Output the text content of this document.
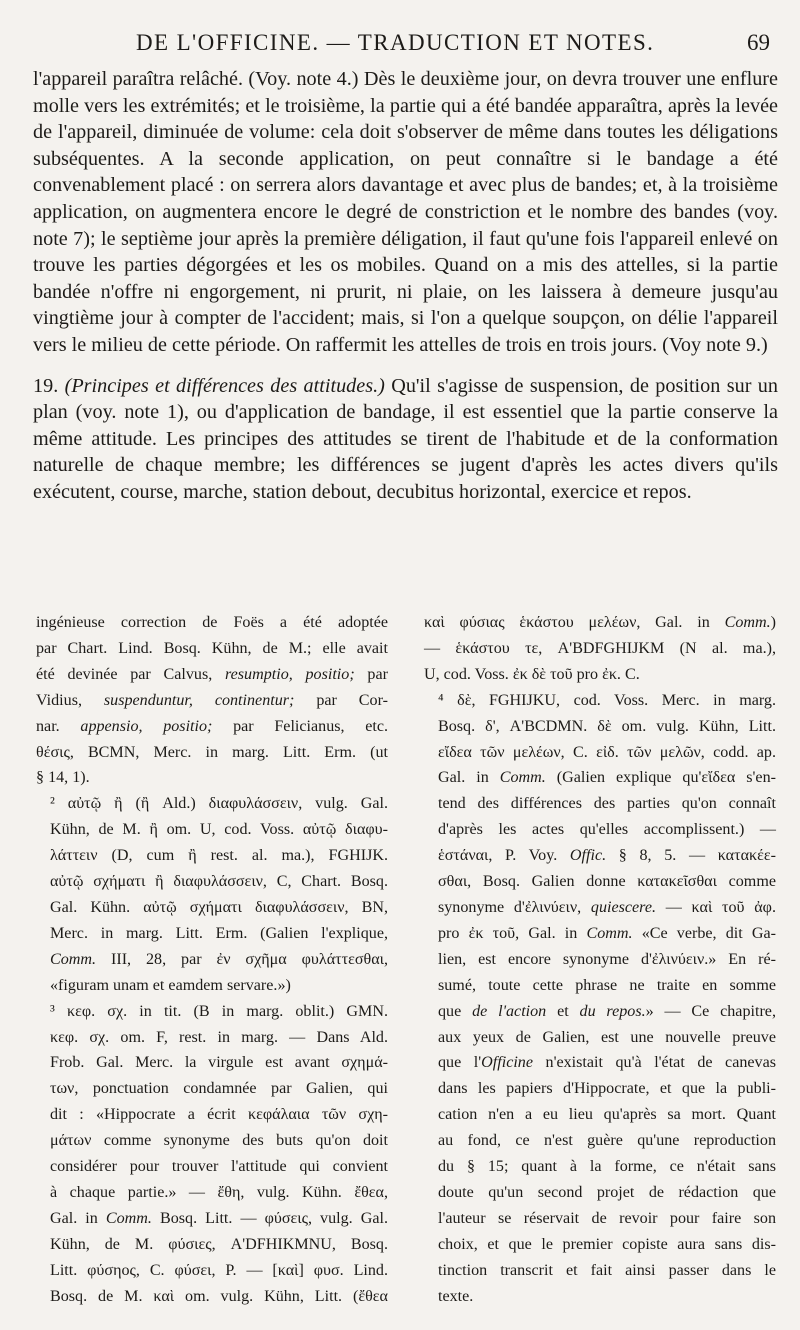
DE L'OFFICINE. — TRADUCTION ET NOTES.	69

l'appareil paraîtra relâché. (Voy. note 4.) Dès le deuxième jour, on devra trouver une enflure molle vers les extrémités; et le troisième, la partie qui a été bandée apparaîtra, après la levée de l'appareil, diminuée de volume: cela doit s'observer de même dans toutes les déligations subséquentes. A la seconde application, on peut connaître si le bandage a été convenablement placé : on serrera alors davantage et avec plus de bandes; et, à la troisième application, on augmentera encore le degré de constriction et le nombre des bandes (voy. note 7); le septième jour après la première déligation, il faut qu'une fois l'appareil enlevé on trouve les parties dégorgées et les os mobiles. Quand on a mis des attelles, si la partie bandée n'offre ni engorgement, ni prurit, ni plaie, on les laissera à demeure jusqu'au vingtième jour à compter de l'accident; mais, si l'on a quelque soupçon, on délie l'appareil vers le milieu de cette période. On raffermit les attelles de trois en trois jours. (Voy note 9.)

19. (Principes et différences des attitudes.) Qu'il s'agisse de suspension, de position sur un plan (voy. note 1), ou d'application de bandage, il est essentiel que la partie conserve la même attitude. Les principes des attitudes se tirent de l'habitude et de la conformation naturelle de chaque membre; les différences se jugent d'après les actes divers qu'ils exécutent, course, marche, station debout, decubitus horizontal, exercice et repos.

ingénieuse correction de Foës a été adoptée
par Chart. Lind. Bosq. Kühn, de M.; elle avait
été devinée par Calvus, resumptio, positio; par
Vidius, suspenduntur, continentur; par Cor-
nar. appensio, positio; par Felicianus, etc.
θέσις, BCMN, Merc. in marg. Litt. Erm. (ut
§ 14, 1).

² αὐτῷ ἢ (ἢ Ald.) διαφυλάσσειν, vulg. Gal.
Kühn, de M. ἢ om. U, cod. Voss. αὐτῷ διαφυ-
λάττειν (D, cum ἢ rest. al. ma.), FGHIJK.
αὐτῷ σχήματι ἢ διαφυλάσσειν, C, Chart. Bosq.
Gal. Kühn. αὐτῷ σχήματι διαφυλάσσειν, BN,
Merc. in marg. Litt. Erm. (Galien l'explique,
Comm. III, 28, par ἐν σχῆμα φυλάττεσθαι,
«figuram unam et eamdem servare.»)

³ κεφ. σχ. in tit. (B in marg. oblit.) GMN.
κεφ. σχ. om. F, rest. in marg. — Dans Ald.
Frob. Gal. Merc. la virgule est avant σχημά-
των, ponctuation condamnée par Galien, qui
dit : «Hippocrate a écrit κεφάλαια τῶν σχη-
μάτων comme synonyme des buts qu'on doit
considérer pour trouver l'attitude qui convient
à chaque partie.» — ἔθη, vulg. Kühn. ἔθεα,
Gal. in Comm. Bosq. Litt. — φύσεις, vulg. Gal.
Kühn, de M. φύσιες, A'DFHIKMNU, Bosq.
Litt. φύσηος, C. φύσει, P. — [καὶ] φυσ. Lind.
Bosq. de M. καὶ om. vulg. Kühn, Litt. (ἔθεα

καὶ φύσιας ἑκάστου μελέων, Gal. in Comm.)
— ἑκάστου τε, A'BDFGHIJKM (N al. ma.),
U, cod. Voss. ἐκ δὲ τοῦ pro ἐκ. C.

⁴ δὲ, FGHIJKU, cod. Voss. Merc. in marg.
Bosq. δ', A'BCDMN. δὲ om. vulg. Kühn, Litt.
εἴδεα τῶν μελέων, C. εἰδ. τῶν μελῶν, codd. ap.
Gal. in Comm. (Galien explique qu'εἴδεα s'en-
tend des différences des parties qu'on connaît
d'après les actes qu'elles accomplissent.) —
ἑστάναι, P. Voy. Offic. § 8, 5. — κατακέε-
σθαι, Bosq. Galien donne κατακεῖσθαι comme
synonyme d'ἐλινύειν, quiescere. — καὶ τοῦ ἀφ.
pro ἐκ τοῦ, Gal. in Comm. «Ce verbe, dit Ga-
lien, est encore synonyme d'ἐλινύειν.» En ré-
sumé, toute cette phrase ne traite en somme
que de l'action et du repos.» — Ce chapitre,
aux yeux de Galien, est une nouvelle preuve
que l'Officine n'existait qu'à l'état de canevas
dans les papiers d'Hippocrate, et que la publi-
cation n'en a eu lieu qu'après sa mort. Quant
au fond, ce n'est guère qu'une reproduction
du § 15; quant à la forme, ce n'était sans
doute qu'un second projet de rédaction que
l'auteur se réservait de revoir pour faire son
choix, et que le premier copiste aura sans dis-
tinction transcrit et fait ainsi passer dans le
texte.
